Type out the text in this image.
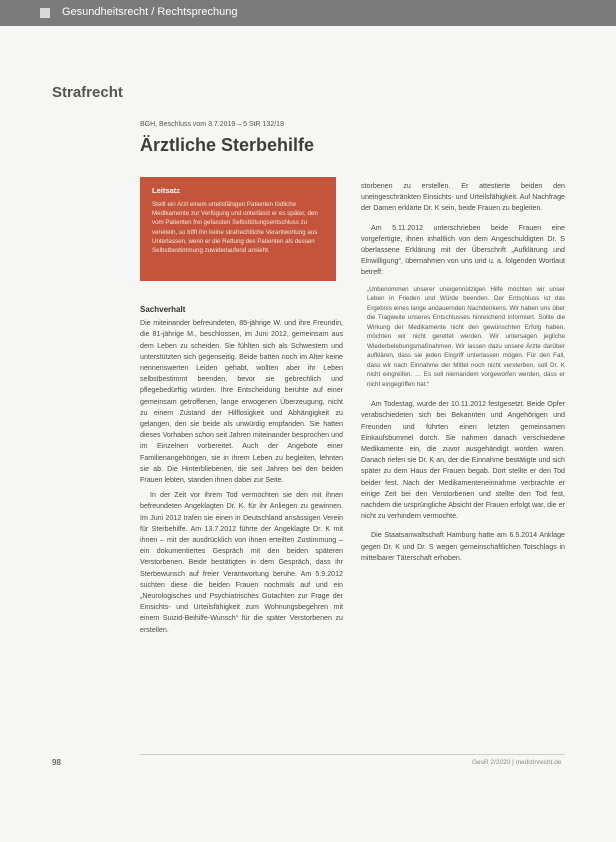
Gesundheitsrecht / Rechtsprechung
Strafrecht
BGH, Beschluss vom 3.7.2019 – 5 StR 132/18
Ärztliche Sterbehilfe
Leitsatz
Stellt ein Arzt einem urteilsfähigen Patienten tödliche Medikamente zur Verfügung und unterlässt er es später, den vom Patienten frei gefassten Selbsttötungsentschluss zu vereiteln, so trifft ihn keine strafrechtliche Verantwortung aus Unterlassen, wenn er die Rettung des Patienten als dessen Selbstbestimmung zuwiderlaufend ansieht.
Sachverhalt

Die miteinander befreundeten, 85-jährige W. und ihre Freundin, die 81-jährige M., beschlossen, im Juni 2012, gemeinsam aus dem Leben zu scheiden. Sie fühlten sich als Schwestern und unterstützten sich gegenseitig. Beide hatten noch im Alter keine nennenswerten Leiden gehabt, wollten aber ihr Leben selbstbestimmt beenden, bevor sie gebrechlich und pflegebedürftig würden. Ihre Entscheidung beruhte auf einer gemeinsam getroffenen, lange erwogenen Überzeugung, nicht zu einem Zustand der Hilflosigkeit und Abhängigkeit zu gelangen, den sie beide als unwürdig empfanden. Sie hatten dieses Vorhaben schon seit Jahren miteinander besprochen und im Einzelnen vorbereitet. Auch der Angebote einer Familienangehörigen, sie in ihrem Leben zu begleiten, lehnten sie ab. Die Hinterbliebenen, die seit Jahren bei den beiden Frauen lebten, standen ihnen dabei zur Seite.

In der Zeit vor ihrem Tod vermochten sie den mit ihnen befreundeten Angeklagten Dr. K. für ihr Anliegen zu gewinnen. Im Juni 2012 trafen sie einen in Deutschland ansässigen Verein für Sterbehilfe. Am 13.7.2012 führte der Angeklagte Dr. K mit ihnen – mit der ausdrücklich von ihnen erteilten Zustimmung – ein dokumentiertes Gespräch mit den beiden späteren Verstorbenen. Beide bestätigten in dem Gespräch, dass ihr Sterbewunsch auf freier Verantwortung beruhe. Am 5.9.2012 suchten diese die beiden Frauen nochmals auf und ein „Neurologisches und Psychiatrisches Gutachten zur Frage der Einsichts- und Urteilsfähigkeit zum Wohnungsbegehren mit einem Suizid-Beihilfe-Wunsch“ für die später Verstorbenen zu erstellen.

storbenen zu erstellen. Er attestierte beiden den uneingeschränkten Einsichts- und Urteilsfähigkeit. Auf Nachfrage der Damen erklärte Dr. K sein, beide Frauen zu begleiten.

Am 5.11.2012 unterschrieben beide Frauen eine vorgefertigte, ihnen inhaltlich von dem Angeschuldigten Dr. S überlassene Erklärung mit der Überschrift „Aufklärung und Einwilligung“, übernahmen von uns und u. a. folgenden Wortlaut betreff:

„Unbenommen unserer uneigennützigen Hilfe möchten wir unser Leben in Frieden und Würde beenden. Der Entschluss ist das Ergebnis eines lange andauernden Nachdenkens. Wir haben uns über die Tragweite unseres Entschlusses hinreichend informiert. Sollte die Wirkung der Medikamente nicht den gewünschten Erfolg haben, möchten wir nicht gerettet werden. Wir untersagen jegliche Wiederbelebungsmaßnahmen. Wir lassen dazu unsere Ärzte darüber aufklären, dass sie jeden Eingriff unterlassen mögen. Für den Fall, dass wir nach Einnahme der Mittel noch nicht versterben, soll Dr. K nicht eingreifen. … Es soll niemandem vorgeworfen werden, dass er nicht eingegriffen hat.“

Am Todestag, wurde der 10.11.2012 festgesetzt. Beide Opfer verabschiedeten sich bei Bekannten und Angehörigen und Freunden und führten einen letzten gemeinsamen Einkaufsbummel durch. Sie nahmen danach verschiedene Medikamente ein, die zuvor ausgehändigt worden waren. Danach riefen sie Dr. K an, der die Einnahme bestätigte und sich später zu dem Haus der Frauen begab. Dort stellte er den Tod beider fest. Nach der Medikamenteneinnahme verbrachte er einige Zeit bei den Verstorbenen und stellte den Tod fest, nachdem die ursprüngliche Absicht der Frauen erfolgt war, die er nicht zu verhindern vermochte.

Die Staatsanwaltschaft Hamburg hatte am 6.5.2014 Anklage gegen Dr. K und Dr. S wegen gemeinschaftlichen Totschlags in mittelbarer Täterschaft erhoben.

98	GesR 2/2020 | medizinrecht.de
